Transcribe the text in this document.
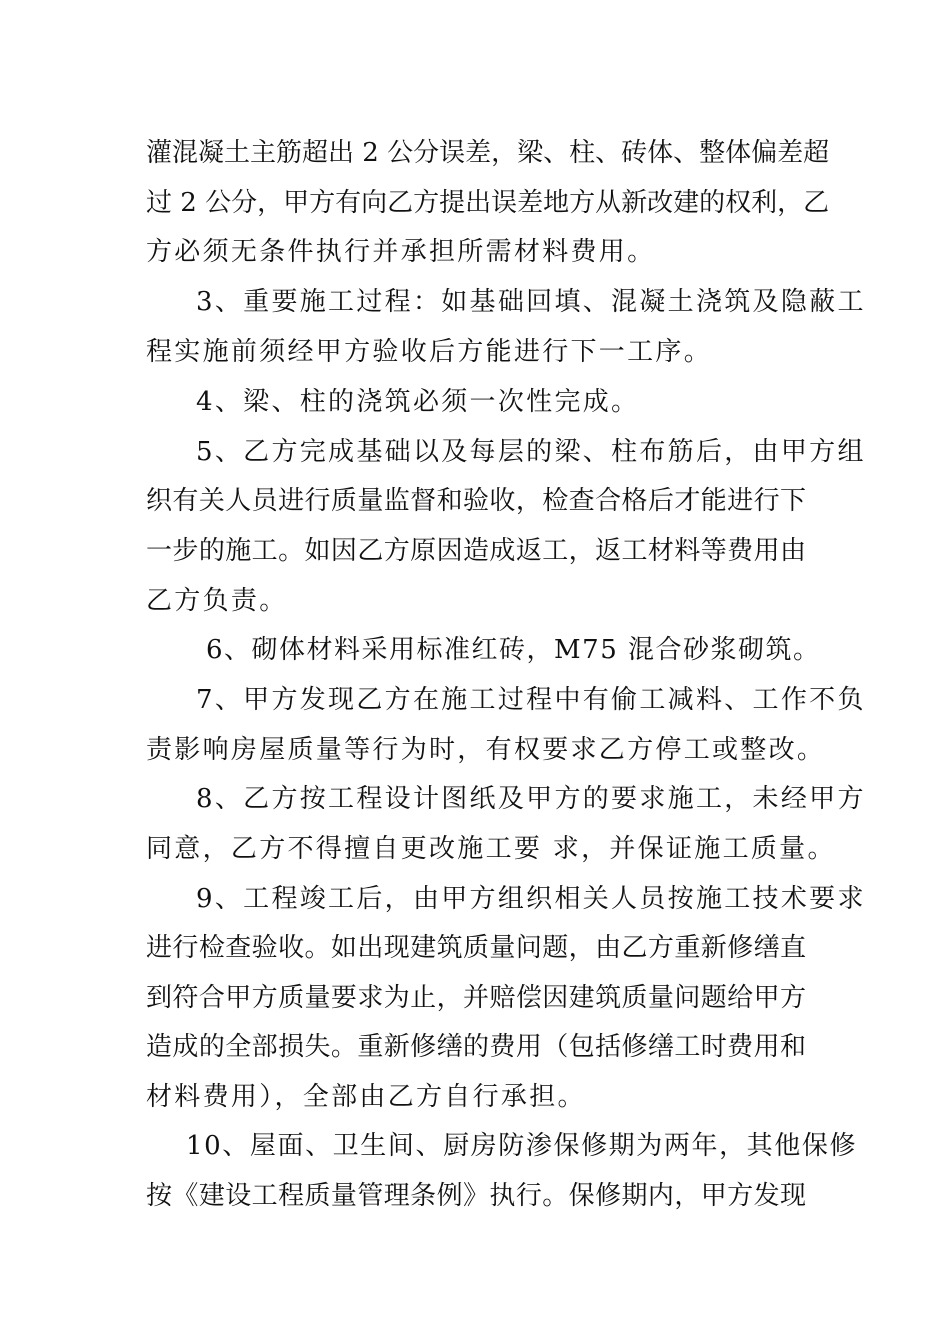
灌混凝土主筋超出 2 公分误差，梁、柱、砖体、整体偏差超
过 2 公分，甲方有向乙方提出误差地方从新改建的权利，乙
方必须无条件执行并承担所需材料费用。
3、重要施工过程：如基础回填、混凝土浇筑及隐蔽工
程实施前须经甲方验收后方能进行下一工序。
4、梁、柱的浇筑必须一次性完成。
5、乙方完成基础以及每层的梁、柱布筋后，由甲方组
织有关人员进行质量监督和验收，检查合格后才能进行下
一步的施工。如因乙方原因造成返工，返工材料等费用由
乙方负责。
6、砌体材料采用标准红砖，M75 混合砂浆砌筑。
7、甲方发现乙方在施工过程中有偷工减料、工作不负
责影响房屋质量等行为时，有权要求乙方停工或整改。
8、乙方按工程设计图纸及甲方的要求施工，未经甲方
同意，乙方不得擅自更改施工要 求，并保证施工质量。
9、工程竣工后，由甲方组织相关人员按施工技术要求
进行检查验收。如出现建筑质量问题，由乙方重新修缮直
到符合甲方质量要求为止，并赔偿因建筑质量问题给甲方
造成的全部损失。重新修缮的费用（包括修缮工时费用和
材料费用），全部由乙方自行承担。
10、屋面、卫生间、厨房防渗保修期为两年，其他保修
按《建设工程质量管理条例》执行。保修期内，甲方发现
